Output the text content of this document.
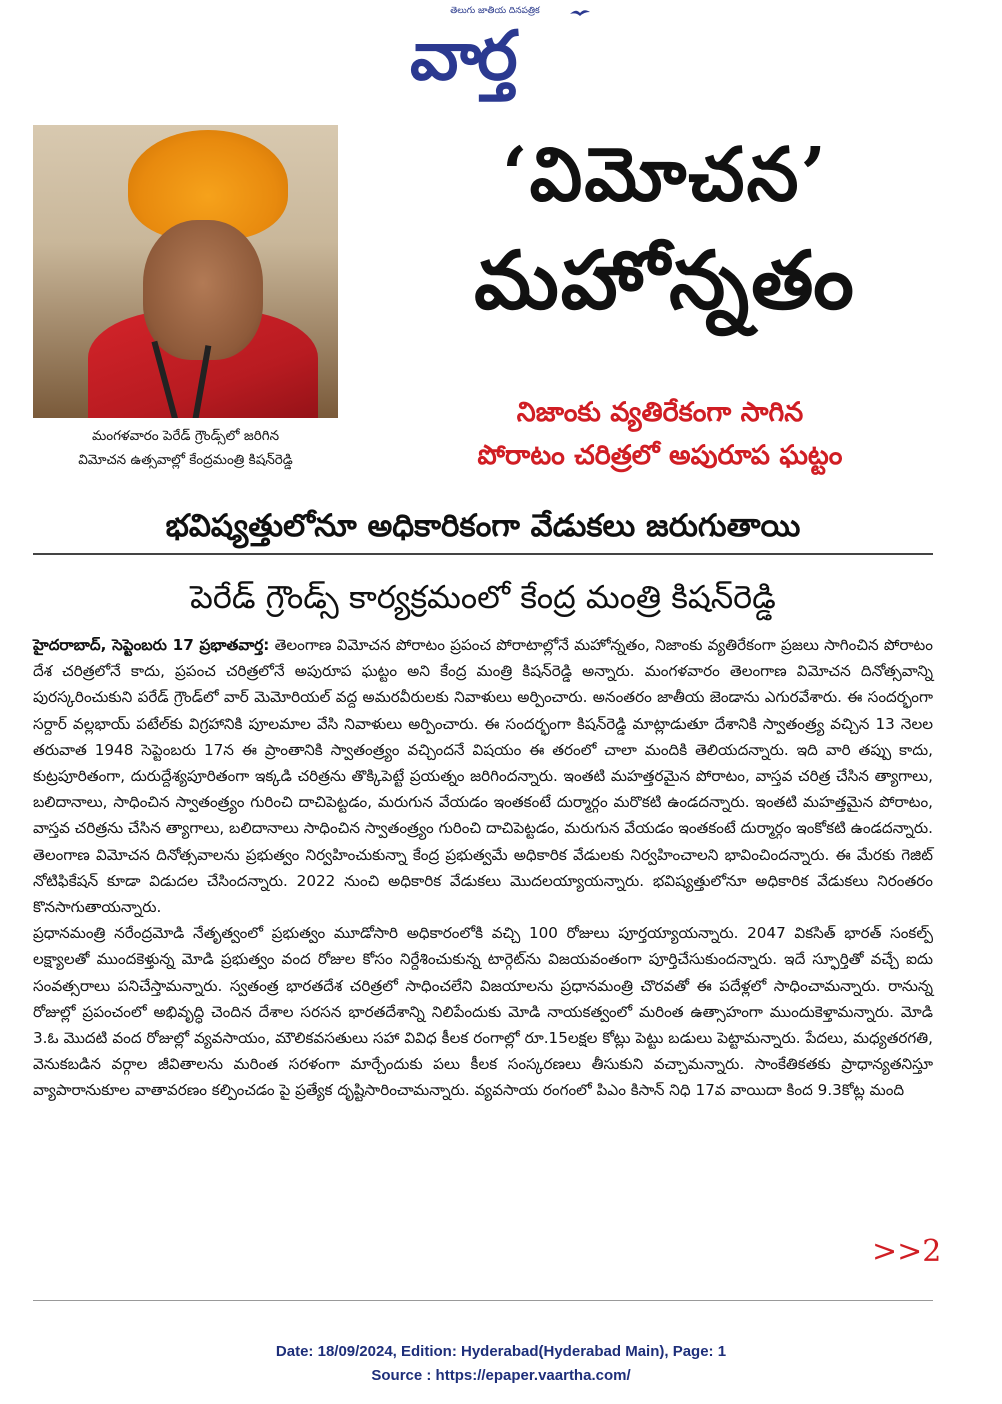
తెలుగు జాతీయ దినపత్రిక
వార్త
మంగళవారం పెరేడ్ గ్రౌండ్స్‌లో జరిగిన
విమోచన ఉత్సవాల్లో కేంద్రమంత్రి కిషన్‌రెడ్డి
‘విమోచన’
మహోన్నతం
నిజాంకు వ్యతిరేకంగా సాగిన
పోరాటం చరిత్రలో అపురూప ఘట్టం
భవిష్యత్తులోనూ అధికారికంగా వేడుకలు జరుగుతాయి
పెరేడ్ గ్రౌండ్స్ కార్యక్రమంలో కేంద్ర మంత్రి కిషన్‌రెడ్డి

హైదరాబాద్, సెప్టెంబరు 17 ప్రభాతవార్త: తెలంగాణ విమోచన పోరాటం ప్రపంచ పోరాటాల్లోనే మహోన్నతం, నిజాంకు వ్యతిరేకంగా ప్రజలు సాగించిన పోరాటం దేశ చరిత్రలోనే కాదు, ప్రపంచ చరిత్రలోనే అపురూప ఘట్టం అని కేంద్ర మంత్రి కిషన్‌రెడ్డి అన్నారు. మంగళవారం తెలంగాణ విమోచన దినోత్సవాన్ని పురస్కరించుకుని పరేడ్ గ్రౌండ్‌లో వార్ మెమోరియల్ వద్ద అమరవీరులకు నివాళులు అర్పించారు. అనంతరం జాతీయ జెండాను ఎగురవేశారు. ఈ సందర్భంగా సర్దార్ వల్లభాయ్ పటేల్‌కు విగ్రహానికి పూలమాల వేసి నివాళులు అర్పించారు. ఈ సందర్భంగా కిషన్‌రెడ్డి మాట్లాడుతూ దేశానికి స్వాతంత్ర్య వచ్చిన 13 నెలల తరువాత 1948 సెప్టెంబరు 17న ఈ ప్రాంతానికి స్వాతంత్ర్యం వచ్చిందనే విషయం ఈ తరంలో చాలా మందికి తెలియదన్నారు. ఇది వారి తప్పు కాదు, కుట్రపూరితంగా, దురుద్దేశ్యపూరితంగా ఇక్కడి చరిత్రను తొక్కిపెట్టే ప్రయత్నం జరిగిందన్నారు. ఇంతటి మహత్తరమైన పోరాటం, వాస్తవ చరిత్ర చేసిన త్యాగాలు, బలిదానాలు, సాధించిన స్వాతంత్ర్యం గురించి దాచిపెట్టడం, మరుగున వేయడం ఇంతకంటే దుర్మార్గం మరొకటి ఉండదన్నారు. ఇంతటి మహత్తమైన పోరాటం, వాస్తవ చరిత్రను చేసిన త్యాగాలు, బలిదానాలు సాధించిన స్వాతంత్ర్యం గురించి దాచిపెట్టడం, మరుగున వేయడం ఇంతకంటే దుర్మార్గం ఇంకోకటి ఉండదన్నారు. తెలంగాణ విమోచన దినోత్సవాలను ప్రభుత్వం నిర్వహించుకున్నా కేంద్ర ప్రభుత్వమే అధికారిక వేడులకు నిర్వహించాలని భావించిందన్నారు. ఈ మేరకు గెజిట్ నోటిఫికేషన్ కూడా విడుదల చేసిందన్నారు. 2022 నుంచి అధికారిక వేడుకలు మొదలయ్యాయన్నారు. భవిష్యత్తులోనూ అధికారిక వేడుకలు నిరంతరం కొనసాగుతాయన్నారు.

ప్రధానమంత్రి నరేంద్రమోడి నేతృత్వంలో ప్రభుత్వం మూడోసారి అధికారంలోకి వచ్చి 100 రోజులు పూర్తయ్యాయన్నారు. 2047 వికసిత్ భారత్ సంకల్ప్ లక్ష్యాలతో ముందకెళ్తున్న మోడి ప్రభుత్వం వంద రోజుల కోసం నిర్దేశించుకున్న టార్గెట్‌ను విజయవంతంగా పూర్తిచేసుకుందన్నారు. ఇదే స్ఫూర్తితో వచ్చే ఐదు సంవత్సరాలు పనిచేస్తామన్నారు. స్వతంత్ర భారతదేశ చరిత్రలో సాధించలేని విజయాలను ప్రధానమంత్రి చొరవతో ఈ పదేళ్లలో సాధించామన్నారు. రానున్న రోజుల్లో ప్రపంచంలో అభివృద్ధి చెందిన దేశాల సరసన భారతదేశాన్ని నిలిపేందుకు మోడి నాయకత్వంలో మరింత ఉత్సాహంగా ముందుకెళ్తామన్నారు. మోడి 3.ఓ మొదటి వంద రోజుల్లో వ్యవసాయం, మౌలికవసతులు సహా వివిధ కీలక రంగాల్లో రూ.15లక్షల కోట్లు పెట్టు బడులు పెట్టామన్నారు. పేదలు, మధ్యతరగతి, వెనుకబడిన వర్గాల జీవితాలను మరింత సరళంగా మార్చేందుకు పలు కీలక సంస్కరణలు తీసుకుని వచ్చామన్నారు. సాంకేతికతకు ప్రాధాన్యతనిస్తూ వ్యాపారానుకూల వాతావరణం కల్పించడం పై ప్రత్యేక దృష్టిసారించామన్నారు. వ్యవసాయ రంగంలో పిఎం కిసాన్ నిధి 17వ వాయిదా కింద 9.3కోట్ల మంది

>>2
Date: 18/09/2024, Edition: Hyderabad(Hyderabad Main), Page: 1
Source : https://epaper.vaartha.com/
